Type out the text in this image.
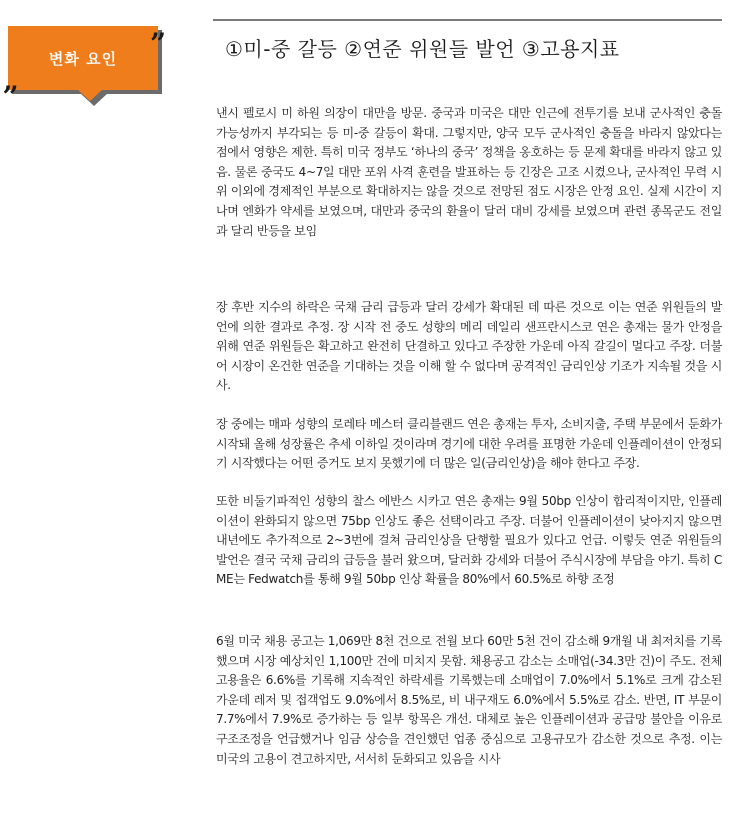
변화 요인	”
„
①미-중 갈등 ②연준 위원들 발언 ③고용지표

낸시 펠로시 미 하원 의장이 대만을 방문. 중국과 미국은 대만 인근에 전투기를 보내 군사적인 충돌 가능성까지 부각되는 등 미-중 갈등이 확대. 그렇지만, 양국 모두 군사적인 충돌을 바라지 않았다는 점에서 영향은 제한. 특히 미국 정부도 ‘하나의 중국’ 정책을 옹호하는 등 문제 확대를 바라지 않고 있음. 물론 중국도 4~7일 대만 포위 사격 훈련을 발표하는 등 긴장은 고조 시켰으나, 군사적인 무력 시위 이외에 경제적인 부분으로 확대하지는 않을 것으로 전망된 점도 시장은 안정 요인. 실제 시간이 지나며 엔화가 약세를 보였으며, 대만과 중국의 환율이 달러 대비 강세를 보였으며 관련 종목군도 전일과 달리 반등을 보임

장 후반 지수의 하락은 국채 금리 급등과 달러 강세가 확대된 데 따른 것으로 이는 연준 위원들의 발언에 의한 결과로 추정. 장 시작 전 중도 성향의 메리 데일리 샌프란시스코 연은 총재는 물가 안정을 위해 연준 위원들은 확고하고 완전히 단결하고 있다고 주장한 가운데 아직 갈길이 멀다고 주장. 더불어 시장이 온건한 연준을 기대하는 것을 이해 할 수 없다며 공격적인 금리인상 기조가 지속될 것을 시사.

장 중에는 매파 성향의 로레타 메스터 클리블랜드 연은 총재는 투자, 소비지출, 주택 부문에서 둔화가 시작돼 올해 성장률은 추세 이하일 것이라며 경기에 대한 우려를 표명한 가운데 인플레이션이 안정되기 시작했다는 어떤 증거도 보지 못했기에 더 많은 일(금리인상)을 해야 한다고 주장.

또한 비둘기파적인 성향의 찰스 에반스 시카고 연은 총재는 9월 50bp 인상이 합리적이지만, 인플레이션이 완화되지 않으면 75bp 인상도 좋은 선택이라고 주장. 더불어 인플레이션이 낮아지지 않으면 내년에도 추가적으로 2~3번에 걸쳐 금리인상을 단행할 필요가 있다고 언급. 이렇듯 연준 위원들의 발언은 결국 국채 금리의 급등을 불러 왔으며, 달러화 강세와 더불어 주식시장에 부담을 야기. 특히 CME는 Fedwatch를 통해 9월 50bp 인상 확률을 80%에서 60.5%로 하향 조정

6월 미국 채용 공고는 1,069만 8천 건으로 전월 보다 60만 5천 건이 감소해 9개월 내 최저치를 기록했으며 시장 예상치인 1,100만 건에 미치지 못함. 채용공고 감소는 소매업(-34.3만 건)이 주도. 전체 고용율은 6.6%를 기록해 지속적인 하락세를 기록했는데 소매업이 7.0%에서 5.1%로 크게 감소된 가운데 레저 및 접객업도 9.0%에서 8.5%로, 비 내구재도 6.0%에서 5.5%로 감소. 반면, IT 부문이 7.7%에서 7.9%로 증가하는 등 일부 항목은 개선. 대체로 높은 인플레이션과 공급망 불안을 이유로 구조조정을 언급했거나 임금 상승을 견인했던 업종 중심으로 고용규모가 감소한 것으로 추정. 이는 미국의 고용이 견고하지만, 서서히 둔화되고 있음을 시사
